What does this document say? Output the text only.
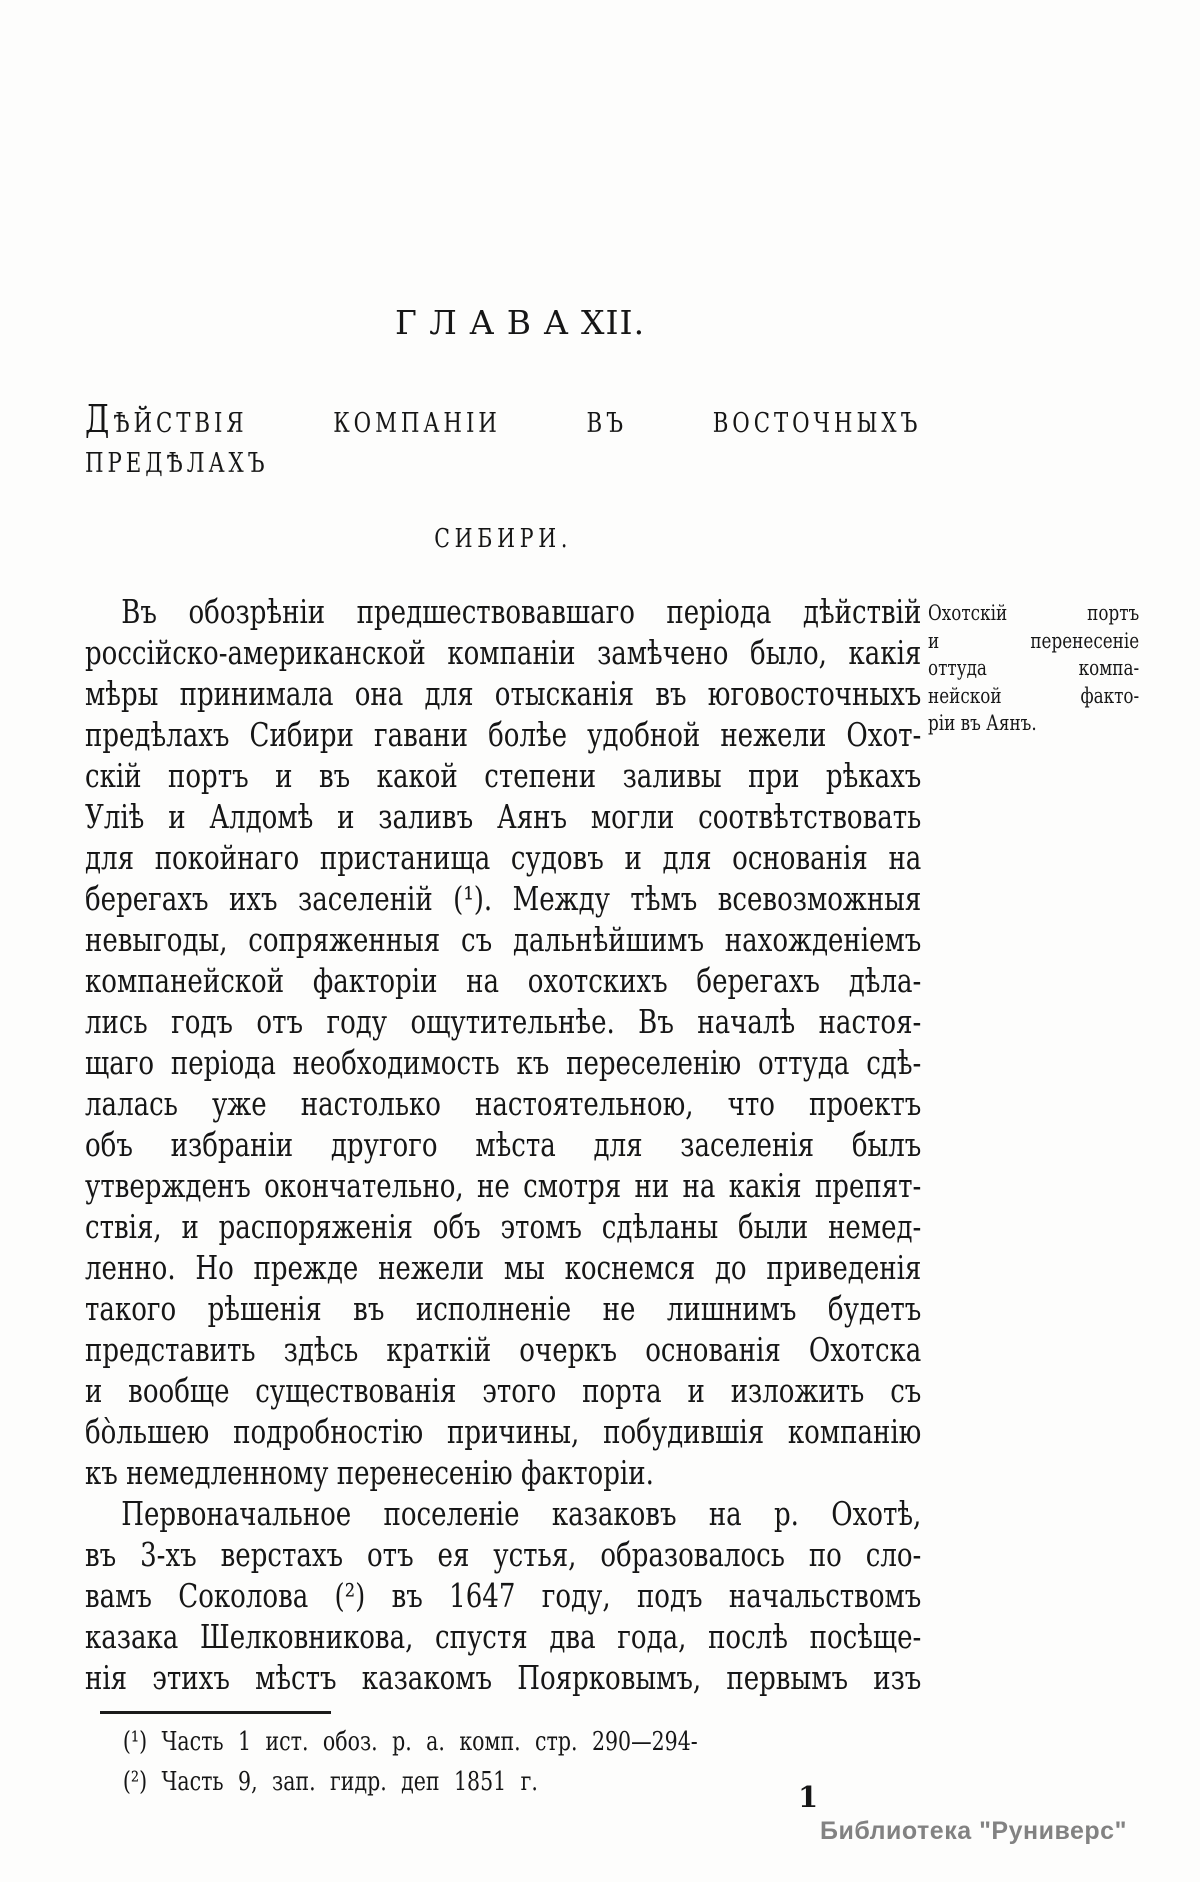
Г Л А В А XII.
ДѢЙСТВІЯ КОМПАНІИ ВЪ ВОСТОЧНЫХЪ ПРЕДѢЛАХЪ
СИБИРИ.
Охотскій портъ
и перенесеніе
оттуда компа-
нейской факто-
ріи въ Аянъ.
Въ обозрѣніи предшествовавшаго періода дѣйствій
россійско-американской компаніи замѣчено было, какія
мѣры принимала она для отысканія въ юговосточныхъ
предѣлахъ Сибири гавани болѣе удобной нежели Охот-
скій портъ и въ какой степени заливы при рѣкахъ
Уліѣ и Алдомѣ и заливъ Аянъ могли соотвѣтствовать
для покойнаго пристанища судовъ и для основанія на
берегахъ ихъ заселеній (¹). Между тѣмъ всевозможныя
невыгоды, сопряженныя съ дальнѣйшимъ нахожденіемъ
компанейской факторіи на охотскихъ берегахъ дѣла-
лись годъ отъ году ощутительнѣе. Въ началѣ настоя-
щаго періода необходимость къ переселенію оттуда сдѣ-
лалась уже настолько настоятельною, что проектъ
объ избраніи другого мѣста для заселенія былъ
утвержденъ окончательно, не смотря ни на какія препят-
ствія, и распоряженія объ этомъ сдѣланы были немед-
ленно. Но прежде нежели мы коснемся до приведенія
такого рѣшенія въ исполненіе не лишнимъ будетъ
представить здѣсь краткій очеркъ основанія Охотска
и вообще существованія этого порта и изложить съ
бо̀льшею подробностію причины, побудившія компанію
къ немедленному перенесенію факторіи.
Первоначальное поселеніе казаковъ на р. Охотѣ,
въ 3-хъ верстахъ отъ ея устья, образовалось по сло-
вамъ Соколова (²) въ 1647 году, подъ начальствомъ
казака Шелковникова, спустя два года, послѣ посѣще-
нія этихъ мѣстъ казакомъ Поярковымъ, первымъ изъ
(¹) Часть 1 ист. обоз. р. а. комп. стр. 290—294-
(²) Часть 9, зап. гидр. деп 1851 г.	1
Библиотека "Руниверс"
